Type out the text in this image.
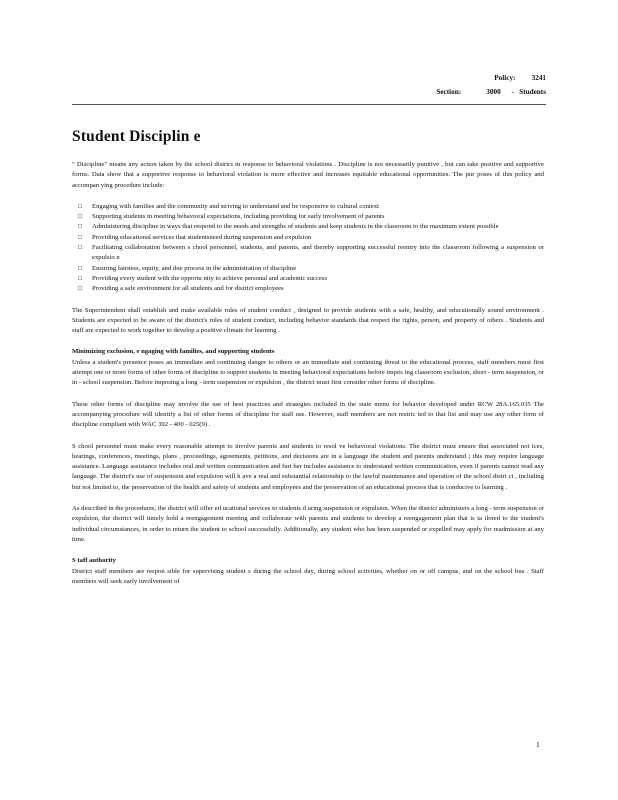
Policy: 3241
Section:	3000 - Students
Student Disciplin e

" Discipline" means any action taken by the school district in response to behavioral violations . Discipline is not necessarily punitive , but can take positive and supportive forms. Data show that a supportive response to behavioral violation is more effective and increases equitable educational opportunities. The pur poses of this policy and accompan ying procedure include:

□ Engaging with families and the community and striving to understand and be responsive to cultural context
□ Supporting students in meeting behavioral expectations, including providing for early involvement of parents
□ Administering discipline in ways that respond to the needs and strengths of students and keep students in the classroom to the maximum extent possible
□ Providing educational services that studentsneed during suspension and expulsion
□ Facilitating collaboration between s chool personnel, students, and parents, and thereby supporting successful reentry into the classroom following a suspension or expulsio n
□ Ensuring fairness, equity, and due process in the administration of discipline
□ Providing every student with the opportu nity to achieve personal and academic success
□ Providing a safe environment for all students and for district employees

The Superintendent shall establish and make available rules of student conduct , designed to provide students with a safe, healthy, and educationally sound environment . Students are expected to be aware of the district's rules of student conduct, including behavior standards that respect the rights, person, and property of others . Students and staff are expected to work together to develop a positive climate for learning .

Minimizing exclusion, e ngaging with families, and supporting students
Unless a student's presence poses an immediate and continuing danger to others or an immediate and continuing threat to the educational process, staff members must first attempt one or more forms of other forms of discipline to support students in meeting behavioral expectations before impos ing classroom exclusion, short - term suspension, or in - school suspension. Before imposing a long - term suspension or expulsion , the district must first consider other forms of discipline.

These other forms of discipline may involve the use of best practices and strategies included in the state menu for behavior developed under RCW 28A.165.035 The accompanying procedure will identify a list of other forms of discipline for staff use. However, staff members are not restric ted to that list and may use any other form of discipline compliant with WAC 392 - 400 - 025(9) .

S chool personnel must make every reasonable attempt to involve parents and students to resol ve behavioral violations. The district must ensure that associated not ices, hearings, conferences, meetings, plans , proceedings, agreements, petitions, and decisions are in a language the student and parents understand ; this may require language assistance. Language assistance includes oral and written communication and furt her includes assistance to understand written communication, even if parents cannot read any language. The district's use of suspension and expulsion will h ave a real and substantial relationship to the lawful maintenance and operation of the school distri ct , including but not limited to, the preservation of the health and safety of students and employees and the preservation of an educational process that is conducive to learning .

As described in the procedures, the district will offer ed ucational services to students d uring suspension or expulsion. When the district administers a long - term suspension or expulsion, the district will timely hold a reengagement meeting and collaborate with parents and students to develop a reengagement plan that is ta ilored to the student's individual circumstances, in order to return the student to school successfully. Additionally, any student who has been suspended or expelled may apply for readmission at any time.

S taff authority
District staff members are respon sible for supervising student s during the school day, during school activities, whether on or off campus, and on the school bus . Staff members will seek early involvement of

1
